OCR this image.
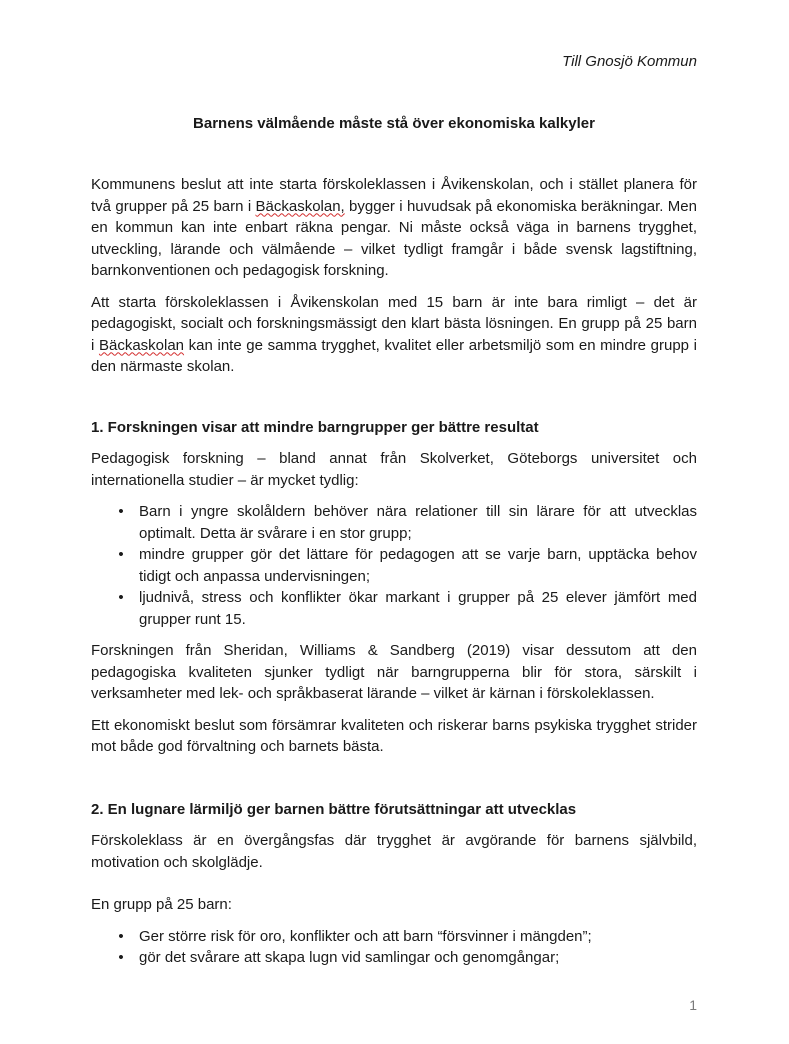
Till Gnosjö Kommun
Barnens välmående måste stå över ekonomiska kalkyler

Kommunens beslut att inte starta förskoleklassen i Åvikenskolan, och i stället planera för två grupper på 25 barn i Bäckaskolan, bygger i huvudsak på ekonomiska beräkningar. Men en kommun kan inte enbart räkna pengar. Ni måste också väga in barnens trygghet, utveckling, lärande och välmående – vilket tydligt framgår i både svensk lagstiftning, barnkonventionen och pedagogisk forskning.

Att starta förskoleklassen i Åvikenskolan med 15 barn är inte bara rimligt – det är pedagogiskt, socialt och forskningsmässigt den klart bästa lösningen. En grupp på 25 barn i Bäckaskolan kan inte ge samma trygghet, kvalitet eller arbetsmiljö som en mindre grupp i den närmaste skolan.

1. Forskningen visar att mindre barngrupper ger bättre resultat

Pedagogisk forskning – bland annat från Skolverket, Göteborgs universitet och internationella studier – är mycket tydlig:

• Barn i yngre skolåldern behöver nära relationer till sin lärare för att utvecklas optimalt. Detta är svårare i en stor grupp;
• mindre grupper gör det lättare för pedagogen att se varje barn, upptäcka behov tidigt och anpassa undervisningen;
• ljudnivå, stress och konflikter ökar markant i grupper på 25 elever jämfört med grupper runt 15.

Forskningen från Sheridan, Williams & Sandberg (2019) visar dessutom att den pedagogiska kvaliteten sjunker tydligt när barngrupperna blir för stora, särskilt i verksamheter med lek- och språkbaserat lärande – vilket är kärnan i förskoleklassen.

Ett ekonomiskt beslut som försämrar kvaliteten och riskerar barns psykiska trygghet strider mot både god förvaltning och barnets bästa.

2. En lugnare lärmiljö ger barnen bättre förutsättningar att utvecklas

Förskoleklass är en övergångsfas där trygghet är avgörande för barnens självbild, motivation och skolglädje.

En grupp på 25 barn:

• Ger större risk för oro, konflikter och att barn “försvinner i mängden”;
• gör det svårare att skapa lugn vid samlingar och genomgångar;
1
